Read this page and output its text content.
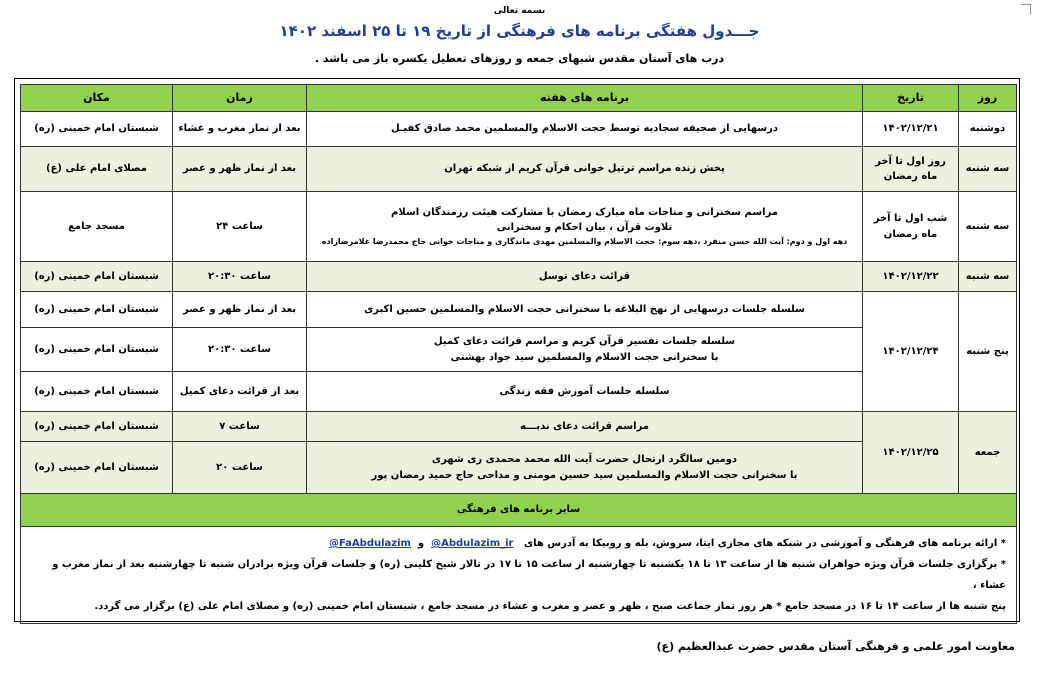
بسمه تعالی
جـــدول هفتگی برنامه های فرهنگی از تاریخ ۱۹ تا ۲۵ اسفند ۱۴۰۲
درب های آستان مقدس شبهای جمعه و روزهای تعطیل یکسره باز می باشد .
روز	تاریخ	برنامه های هفته	زمان	مکان
دوشنبه	۱۴۰۲/۱۲/۲۱	درسهایی از صحیفه سجادیه توسط حجت الاسلام والمسلمین محمد صادق کفیـل	بعد از نماز مغرب و عشاء	شبستان امام خمینی (ره)
سه شنبه	روز اول تا آخر ماه رمضان	پخش زنده مراسم ترتیل خوانی قرآن کریم از شبکه تهران	بعد از نماز ظهر و عصر	مصلای امام علی (ع)
سه شنبه	شب اول تا آخر ماه رمضان	مراسم سخنرانی و مناجات ماه مبارک رمضان با مشارکت هیئت رزمندگان اسلام
تلاوت قرآن ، بیان احکام و سخنرانی
دهه اول و دوم: آیت الله حسن منفرد ،دهه سوم: حجت الاسلام والمسلمین مهدی ماندگاری و مناجات خوانی حاج محمدرضا غلامرضازاده	ساعت ۲۴	مسجد جامع
سه شنبه	۱۴۰۲/۱۲/۲۲	قرائت دعای توسل	ساعت ۲۰:۳۰	شبستان امام خمینی (ره)
پنج شنبه	۱۴۰۲/۱۲/۲۴	سلسله جلسات درسهایی از نهج البلاغه با سخنرانی حجت الاسلام والمسلمین حسین اکبری	بعد از نماز ظهر و عصر	شبستان امام خمینی (ره)

		سلسله جلسات تفسیر قرآن کریم و مراسم قرائت دعای کمیل
با سخنرانی حجت الاسلام والمسلمین سید جواد بهشتی	ساعت ۲۰:۳۰	شبستان امام خمینی (ره)
		سلسله جلسات آموزش فقه زندگی	بعد از قرائت دعای کمیل	شبستان امام خمینی (ره)
جمعه	۱۴۰۲/۱۲/۲۵	مراسم قرائت دعای ندبـــه	ساعت ۷	شبستان امام خمینی (ره)

		دومین سالگرد ارتحال حضرت آیت الله محمد محمدی ری شهری
با سخنرانی حجت الاسلام والمسلمین سید حسین مومنی و مداحی حاج حمید رمضان پور	ساعت ۲۰	شبستان امام خمینی (ره)
سایر برنامه های فرهنگی				

* ارائه برنامه های فرهنگی و آموزشی در شبکه های مجازی ایتا، سروش، بله و روبیکا به آدرس های   @Abdulazim_ir  و  @FaAbdulazim
* برگزاری جلسات قرآن ویژه خواهران شنبه ها از ساعت ۱۳ تا ۱۸ یکشنبه تا چهارشنبه از ساعت ۱۵ تا ۱۷ در تالار شیخ کلینی (ره) و جلسات قرآن ویژه برادران شنبه تا چهارشنبه بعد از نماز مغرب و عشاء ،
پنج شنبه ها از ساعت ۱۴ تا ۱۶ در مسجد جامع * هر روز نماز جماعت صبح ، ظهر و عصر و مغرب و عشاء در مسجد جامع ، شبستان امام خمینی (ره) و مصلای امام علی (ع) برگزار می گردد.				
معاونت امور علمی و فرهنگی آستان مقدس حضرت عبدالعظیم (ع)
